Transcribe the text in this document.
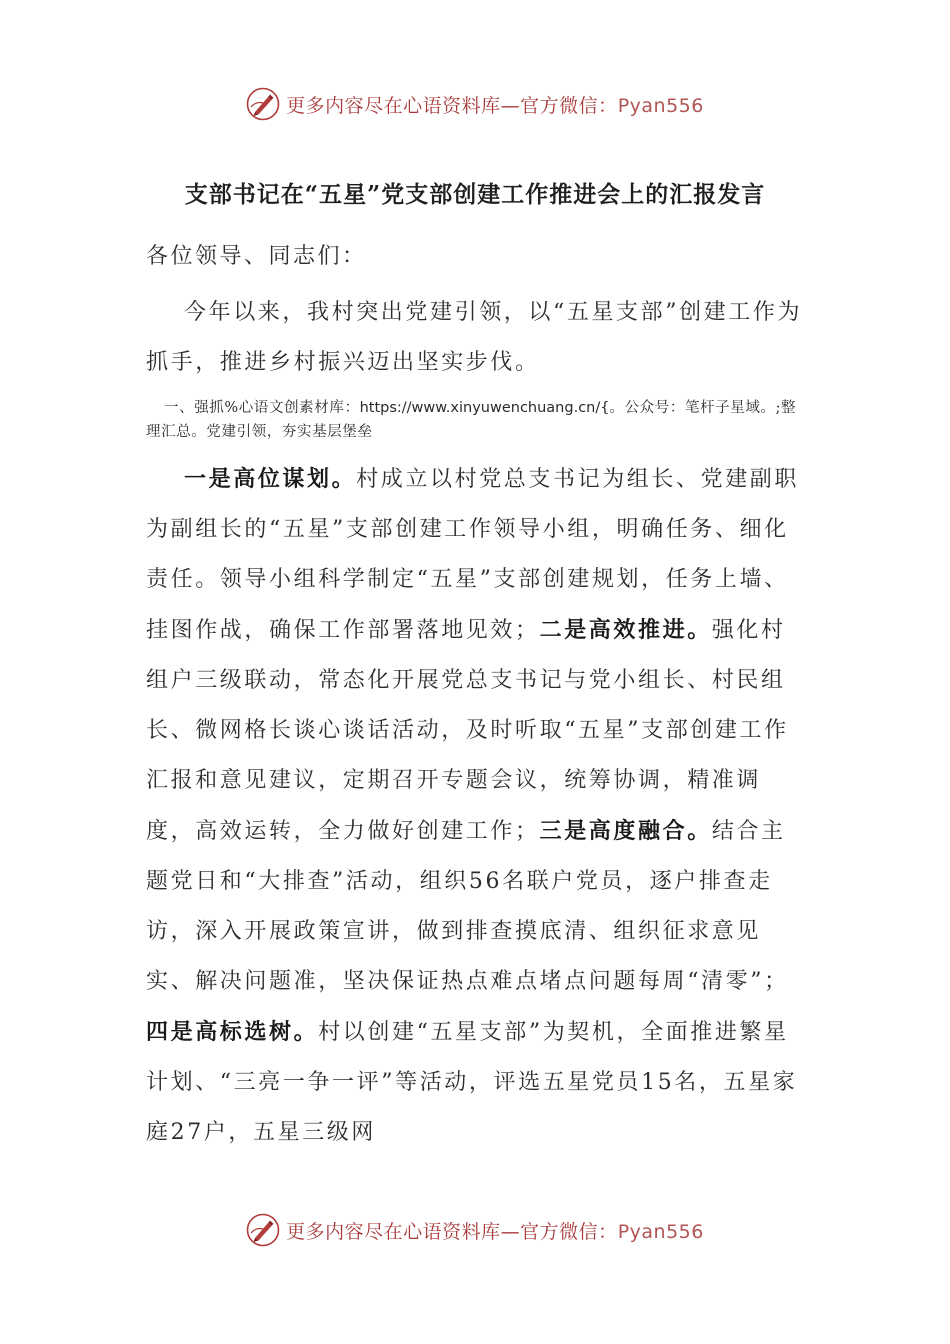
更多内容尽在心语资料库—官方微信：Pyan556
支部书记在“五星”党支部创建工作推进会上的汇报发言
各位领导、同志们：
今年以来，我村突出党建引领，以“五星支部”创建工作为抓手，推进乡村振兴迈出坚实步伐。
一、强抓%心语文创素材库：https://www.xinyuwenchuang.cn/{。公众号：笔杆子星域。;整理汇总。党建引领，夯实基层堡垒
一是高位谋划。村成立以村党总支书记为组长、党建副职为副组长的“五星”支部创建工作领导小组，明确任务、细化责任。领导小组科学制定“五星”支部创建规划，任务上墙、挂图作战，确保工作部署落地见效；二是高效推进。强化村组户三级联动，常态化开展党总支书记与党小组长、村民组长、微网格长谈心谈话活动，及时听取“五星”支部创建工作汇报和意见建议，定期召开专题会议，统筹协调，精准调度，高效运转，全力做好创建工作；三是高度融合。结合主题党日和“大排查”活动，组织56名联户党员，逐户排查走访，深入开展政策宣讲，做到排查摸底清、组织征求意见实、解决问题准，坚决保证热点难点堵点问题每周“清零”；四是高标选树。村以创建“五星支部”为契机，全面推进繁星计划、“三亮一争一评”等活动，评选五星党员15名，五星家庭27户，五星三级网
更多内容尽在心语资料库—官方微信：Pyan556
